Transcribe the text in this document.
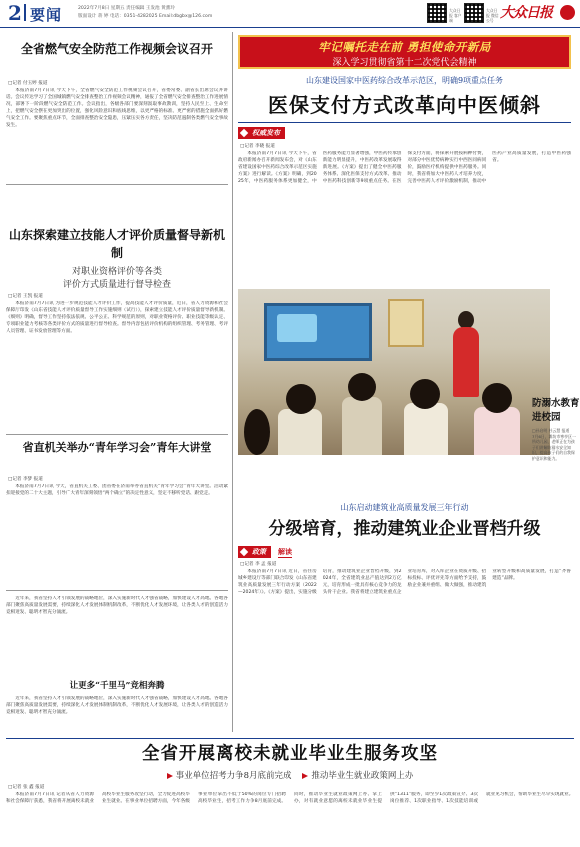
2 要闻	2022年7月8日 星期五 责任编辑 王发池 黄薰玲
版面设计 蒋 婷 电话：0351-4282025 Email:dbgbx@126.com
大众日报 客户端
大众日报 微信公号 大众日报
全省燃气安全防范工作视频会议召开
□记者 付玉婷 报道

本报济南7月7日讯 今天下午，全省燃气安全防范工作视频会议召开，省委常委、副省长出席会议并讲话。会议传达学习了全国城镇燃气安全排查整治工作视频会议精神，通报了全省燃气安全排查整治工作进展情况，部署下一阶段燃气安全防范工作。会议指出，各级各部门要深刻汲取事故教训，坚持人民至上、生命至上，把燃气安全摆在更加突出的位置，强化风险意识和底线思维，以更严格的标准、更严密的措施全面抓好燃气安全工作。要聚焦重点环节，全面排查整治安全隐患，压紧压实各方责任，坚决防范遏制各类燃气安全事故发生。

山东探索建立技能人才评价质量督导新机制
对职业资格评价等各类
评价方式质量进行督导检查
□记者 王凯 报道

本报济南7月7日讯 为进一步规范技能人才评价工作，提高技能人才评价质量，近日，省人力资源和社会保障厅印发《山东省技能人才评价质量督导工作实施细则（试行）》，探索建立技能人才评价质量督导新机制。《细则》明确，督导工作坚持依法依规、公平公正、科学规范的原则，对职业资格评价、职业技能等级认定、专项职业能力考核等各类评价方式的质量进行督导检查。督导内容包括评价机构的组织管理、考务管理、考评人员管理、证书发放管理等方面。

省直机关举办“青年学习会”青年大讲堂
□记者 李梦 报道

本报济南7月7日讯 今天，省直机关工委、团省委在济南举办省直机关“青年学习会”青年大讲堂。活动紧扣迎接党的二十大主题，引导广大青年深刻领悟“两个确立”的决定性意义，坚定不移听党话、跟党走。

让更多“千里马”竞相奔腾

近年来，我省坚持人才引领发展的战略地位，深入实施新时代人才强省战略，加快建设人才高地。各地各部门聚焦高质量发展需要，持续深化人才发展体制机制改革，不断优化人才发展环境，让各类人才的创造活力竞相迸发、聪明才智充分涌流。

近年来，我省坚持人才引领发展的战略地位，深入实施新时代人才强省战略，加快建设人才高地。各地各部门聚焦高质量发展需要，持续深化人才发展体制机制改革，不断优化人才发展环境，让各类人才的创造活力竞相迸发、聪明才智充分涌流。

牢记嘱托走在前 勇担使命开新局
深入学习贯彻省第十二次党代会精神
山东建设国家中医药综合改革示范区，明确9项重点任务
医保支付方式改革向中医倾斜
权威发布
□记者 李晓 报道

本报济南7月7日讯 今天下午，省政府新闻办召开新闻发布会，对《山东省建设国家中医药综合改革示范区实施方案》进行解读。《方案》明确，到2025年，中医药服务体系更加健全，中医药服务能力显著增强，中医药传承创新能力明显提升，中医药改革发展取得新进展。《方案》提出了健全中医药服务体系、深化医保支付方式改革、推动中医药科技创新等9项重点任务。在医保支付方面，将探索开展按病种付费，对部分中医优势病种实行中西医同病同价，鼓励医疗机构提供中医药服务。同时，我省将加大中医药人才培养力度，完善中医药人才评价激励机制，推动中医药产业高质量发展，打造中医药强省。

防溺水教育进校园
□孙启明 杜云慧 报道
7月6日，潍坊市寒亭区一所幼儿园，老师正在为孩子们讲解防溺水安全知识，提高孩子们的自我保护意识和能力。
山东启动建筑业高质量发展三年行动
分级培育，推动建筑业企业晋档升级
政策	解读
□记者 李 孟 报道

本报济南7月7日讯 近日，省住房城乡建设厅等部门联合印发《山东省建筑业高质量发展三年行动方案（2022—2024年）》。《方案》提出，实施分级培育，推动建筑业企业晋档升级，到2024年，全省建筑业总产值达到2万亿元，培育形成一批具有核心竞争力的龙头骨干企业。我省将建立建筑业重点企业培育库，对入库企业在资质升级、招标投标、评优评先等方面给予支持，鼓励企业兼并重组、做大做强，推动建筑业转型升级和高质量发展，打造“齐鲁建造”品牌。

全省开展离校未就业毕业生服务攻坚
事业单位招考力争8月底前完成 推动毕业生就业政策网上办
□记者 张 鑫 报道

本报济南7月7日讯 记者从省人力资源和社会保障厅获悉，我省将开展离校未就业高校毕业生服务攻坚行动，全力促进高校毕业生就业。在事业单位招聘方面，今年各级事业单位拿出不低于50%的岗位专门招聘高校毕业生，招考工作力争8月底前完成。同时，推动毕业生就业政策网上办、掌上办，对有就业意愿的离校未就业毕业生提供“1311”服务，即至少1次政策宣介、3次岗位推荐、1次职业指导、1次技能培训或就业见习机会，帮助毕业生尽早实现就业。
